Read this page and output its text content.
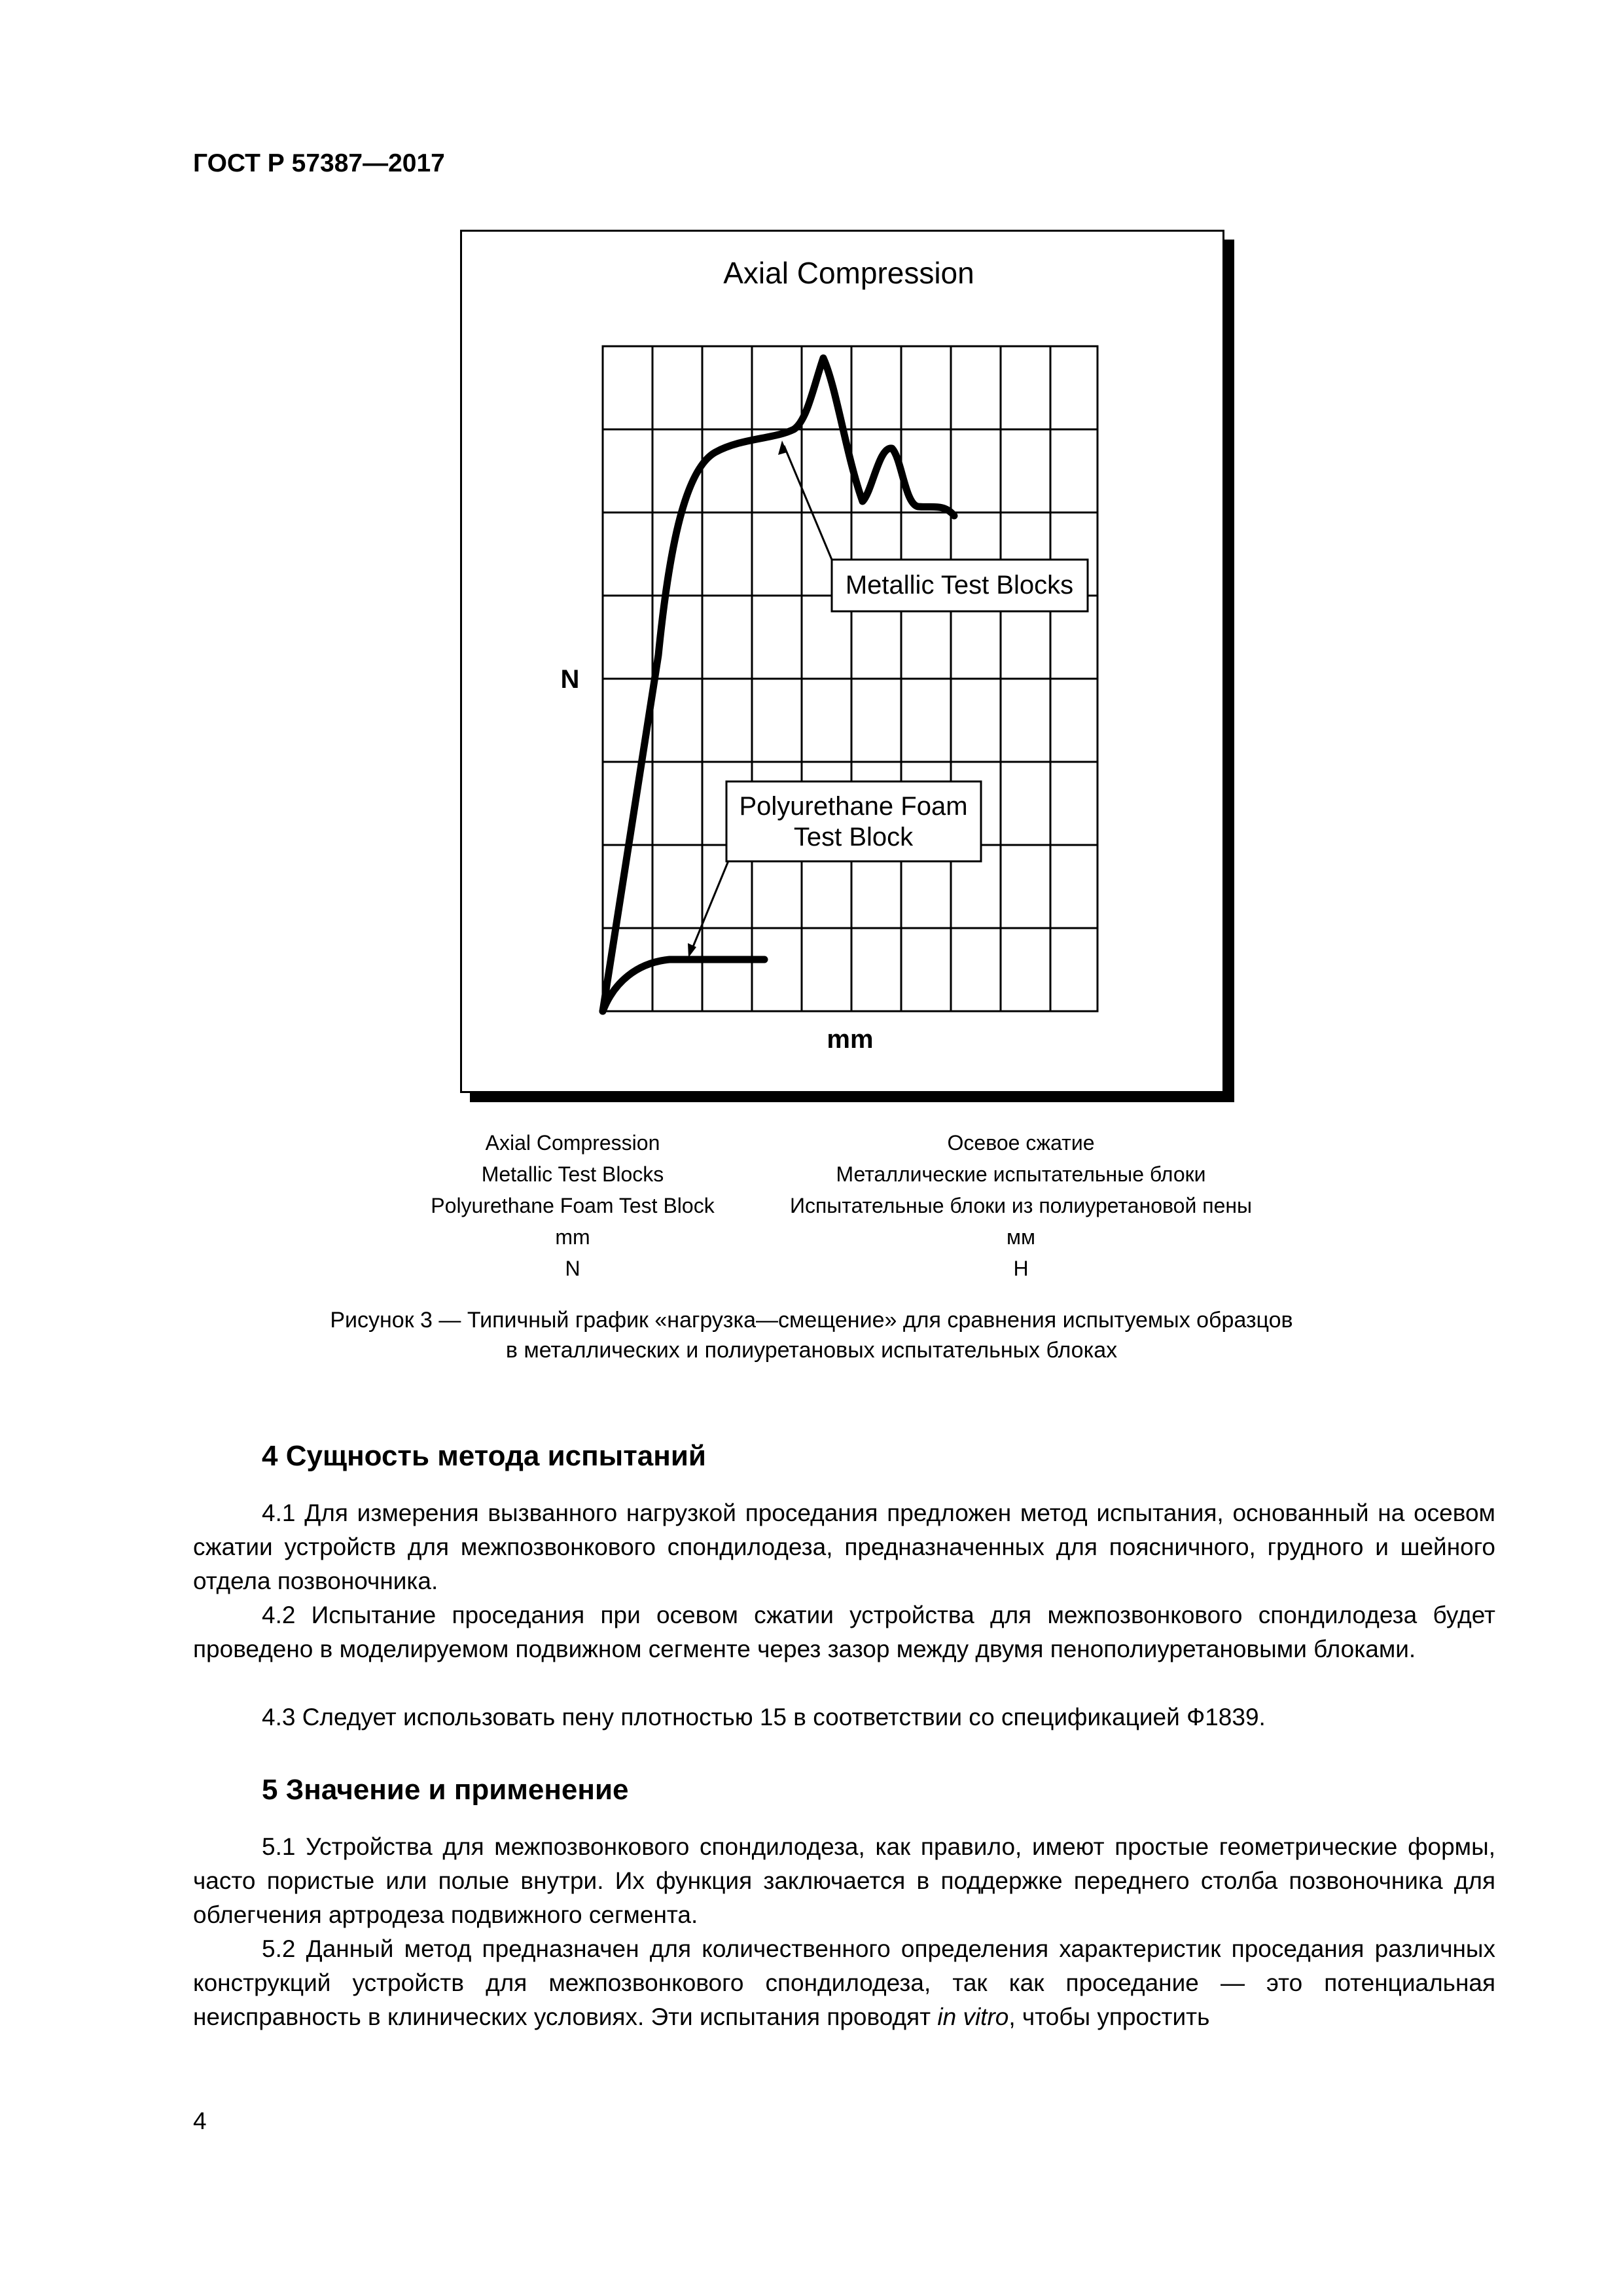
ГОСТ Р 57387—2017
Axial Compression
Metallic Test Blocks
Polyurethane Foam
Test Block
N
mm
Axial Compression
Metallic Test Blocks
Polyurethane Foam Test Block
mm
N
Осевое сжатие
Металлические испытательные блоки
Испытательные блоки из полиуретановой пены
мм
Н
Рисунок 3 — Типичный график «нагрузка—смещение» для сравнения испытуемых образцов
в металлических и полиуретановых испытательных блоках
4 Сущность метода испытаний

4.1 Для измерения вызванного нагрузкой проседания предложен метод испытания, основанный на осевом сжатии устройств для межпозвонкового спондилодеза, предназначенных для поясничного, грудного и шейного отдела позвоночника.

4.2 Испытание проседания при осевом сжатии устройства для межпозвонкового спондилодеза будет проведено в моделируемом подвижном сегменте через зазор между двумя пенополиуретановыми блоками.

4.3 Следует использовать пену плотностью 15 в соответствии со спецификацией Ф1839.

5 Значение и применение

5.1 Устройства для межпозвонкового спондилодеза, как правило, имеют простые геометрические формы, часто пористые или полые внутри. Их функция заключается в поддержке переднего столба позвоночника для облегчения артродеза подвижного сегмента.

5.2 Данный метод предназначен для количественного определения характеристик проседания различных конструкций устройств для межпозвонкового спондилодеза, так как проседание — это потенциальная неисправность в клинических условиях. Эти испытания проводят in vitro, чтобы упростить

4
